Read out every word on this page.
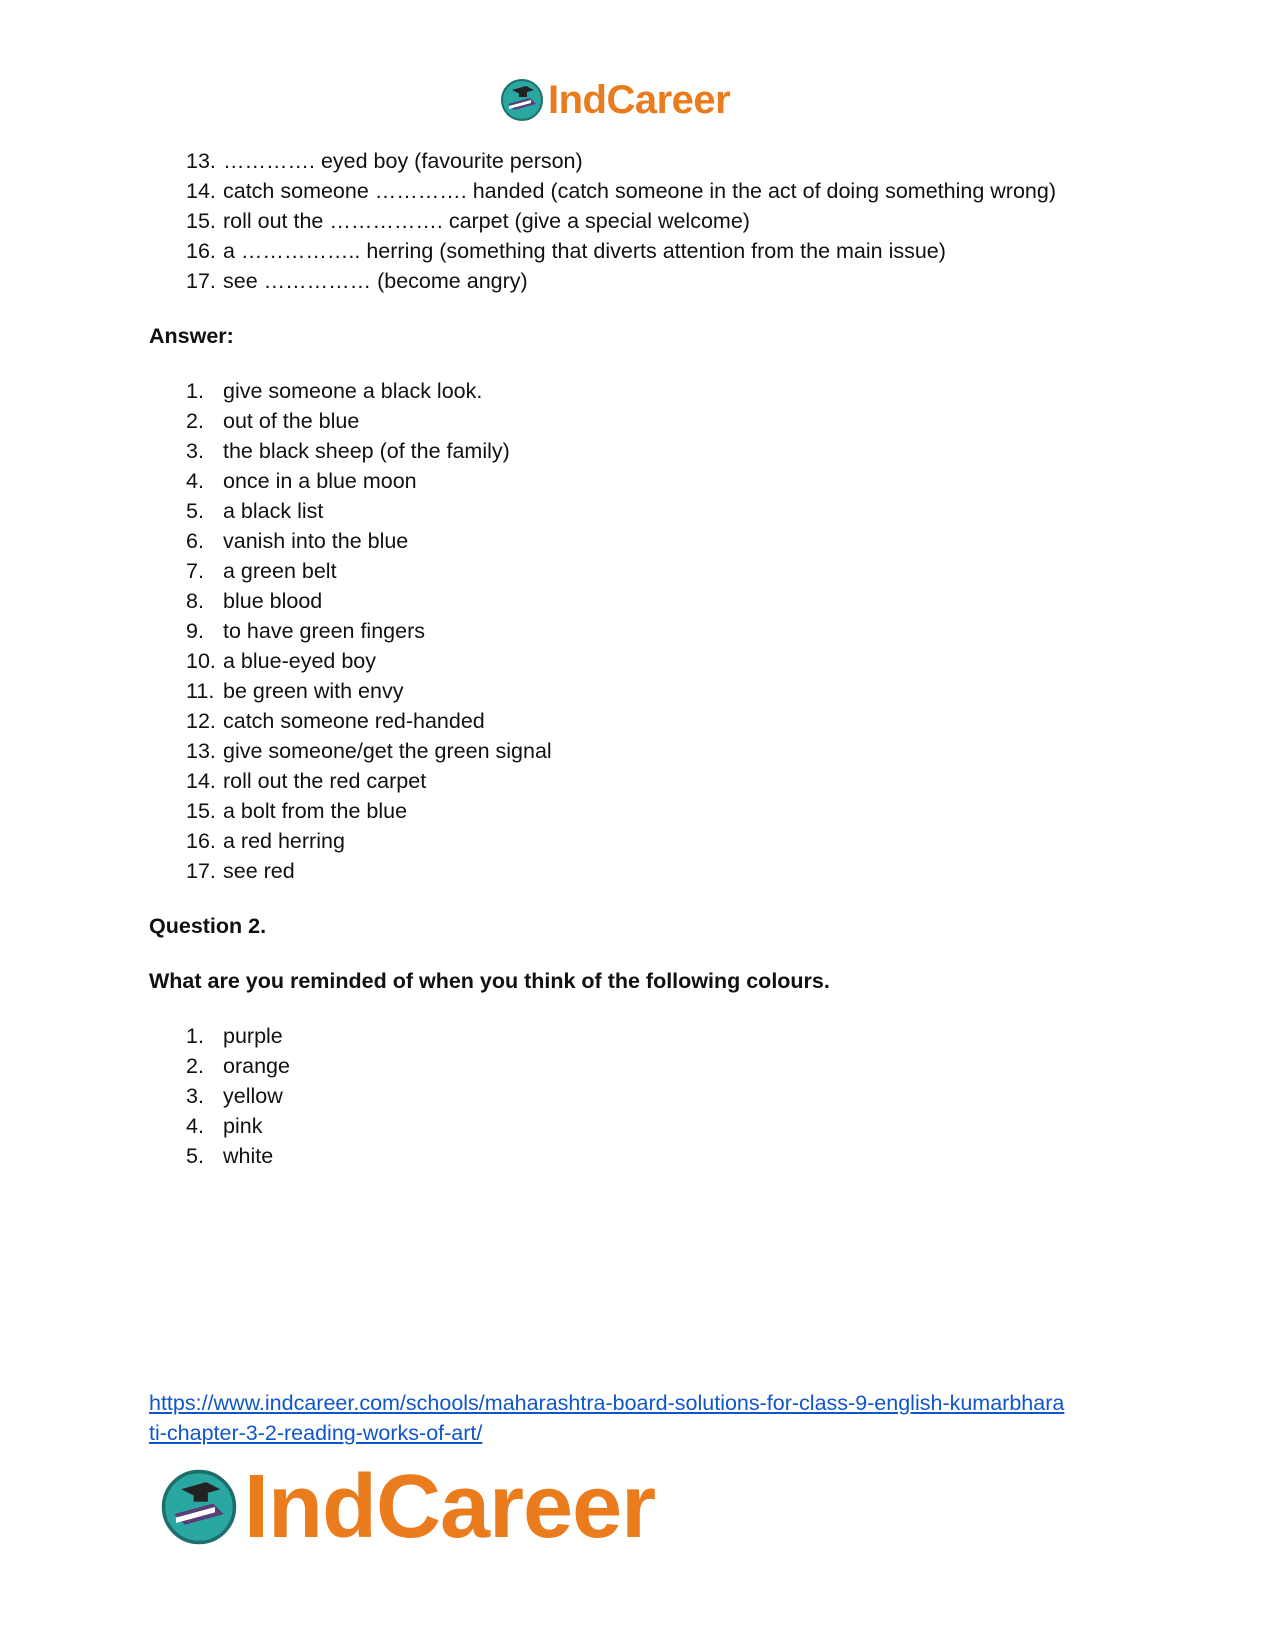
IndCareer
13. …………. eyed boy (favourite person)
14. catch someone …………. handed (catch someone in the act of doing something wrong)
15. roll out the ……………. carpet (give a special welcome)
16. a …………….. herring (something that diverts attention from the main issue)
17. see …………… (become angry)
Answer:
1. give someone a black look.
2. out of the blue
3. the black sheep (of the family)
4. once in a blue moon
5. a black list
6. vanish into the blue
7. a green belt
8. blue blood
9. to have green fingers
10. a blue-eyed boy
11. be green with envy
12. catch someone red-handed
13. give someone/get the green signal
14. roll out the red carpet
15. a bolt from the blue
16. a red herring
17. see red
Question 2.
What are you reminded of when you think of the following colours.
1. purple
2. orange
3. yellow
4. pink
5. white
https://www.indcareer.com/schools/maharashtra-board-solutions-for-class-9-english-kumarbhara
ti-chapter-3-2-reading-works-of-art/
IndCareer
